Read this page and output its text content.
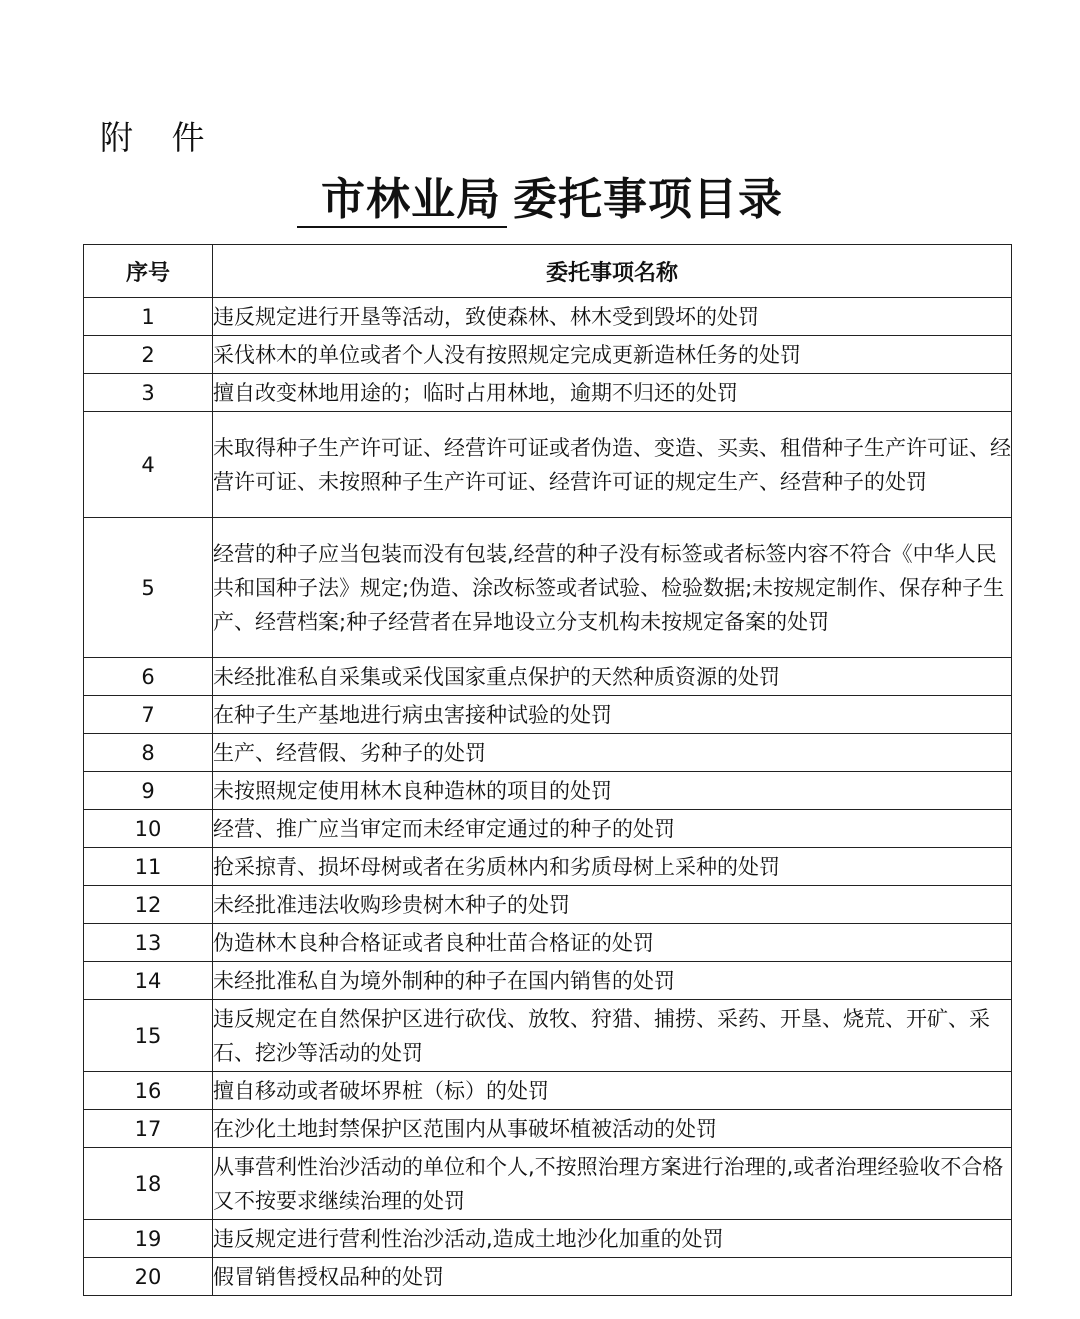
附 件
市林业局 委托事项目录
序号	委托事项名称
1	违反规定进行开垦等活动，致使森林、林木受到毁坏的处罚
2	采伐林木的单位或者个人没有按照规定完成更新造林任务的处罚
3	擅自改变林地用途的；临时占用林地，逾期不归还的处罚
4	未取得种子生产许可证、经营许可证或者伪造、变造、买卖、租借种子生产许可证、经营许可证、未按照种子生产许可证、经营许可证的规定生产、经营种子的处罚
5	经营的种子应当包装而没有包装,经营的种子没有标签或者标签内容不符合《中华人民共和国种子法》规定;伪造、涂改标签或者试验、检验数据;未按规定制作、保存种子生产、经营档案;种子经营者在异地设立分支机构未按规定备案的处罚
6	未经批准私自采集或采伐国家重点保护的天然种质资源的处罚
7	在种子生产基地进行病虫害接种试验的处罚
8	生产、经营假、劣种子的处罚
9	未按照规定使用林木良种造林的项目的处罚
10	经营、推广应当审定而未经审定通过的种子的处罚
11	抢采掠青、损坏母树或者在劣质林内和劣质母树上采种的处罚
12	未经批准违法收购珍贵树木种子的处罚
13	伪造林木良种合格证或者良种壮苗合格证的处罚
14	未经批准私自为境外制种的种子在国内销售的处罚
15	违反规定在自然保护区进行砍伐、放牧、狩猎、捕捞、采药、开垦、烧荒、开矿、采石、挖沙等活动的处罚
16	擅自移动或者破坏界桩（标）的处罚
17	在沙化土地封禁保护区范围内从事破坏植被活动的处罚
18	从事营利性治沙活动的单位和个人,不按照治理方案进行治理的,或者治理经验收不合格又不按要求继续治理的处罚
19	违反规定进行营利性治沙活动,造成土地沙化加重的处罚
20	假冒销售授权品种的处罚
